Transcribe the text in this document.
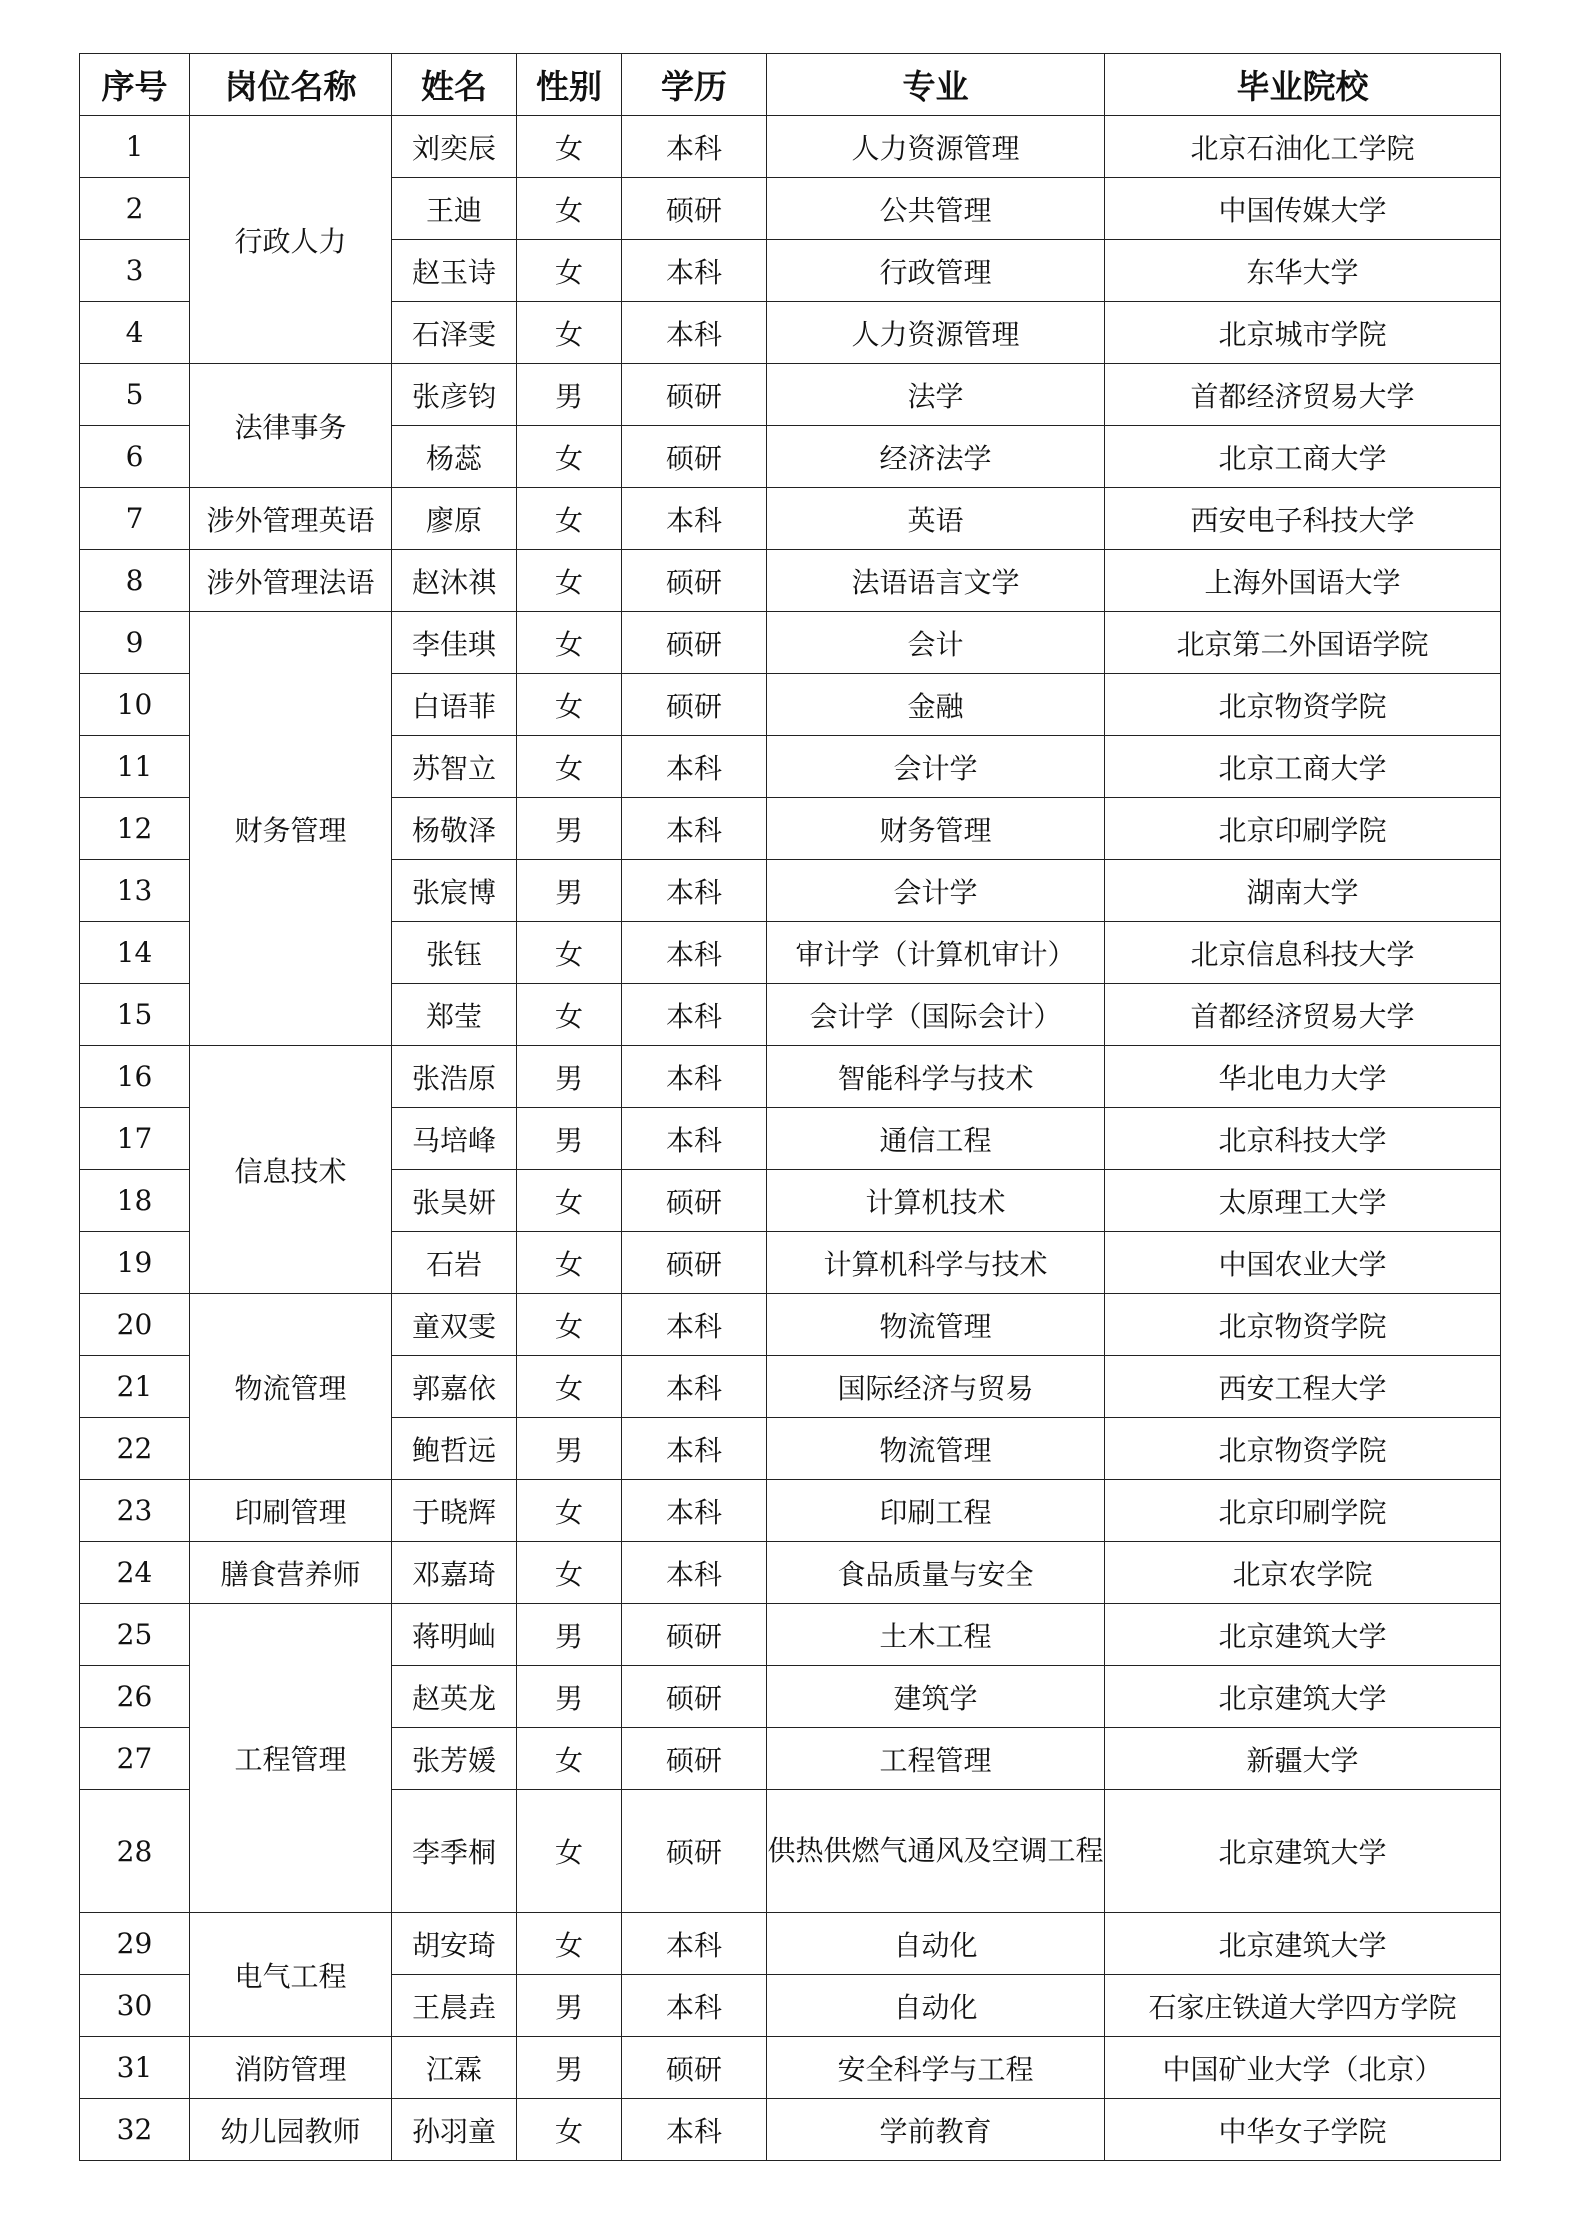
序号	岗位名称	姓名	性别	学历	专业	毕业院校
1	行政人力	刘奕辰	女	本科	人力资源管理	北京石油化工学院
2		王迪	女	硕研	公共管理	中国传媒大学
3		赵玉诗	女	本科	行政管理	东华大学
4		石泽雯	女	本科	人力资源管理	北京城市学院
5	法律事务	张彦钧	男	硕研	法学	首都经济贸易大学
6		杨蕊	女	硕研	经济法学	北京工商大学
7	涉外管理英语	廖原	女	本科	英语	西安电子科技大学
8	涉外管理法语	赵沐祺	女	硕研	法语语言文学	上海外国语大学
9	财务管理	李佳琪	女	硕研	会计	北京第二外国语学院
10		白语菲	女	硕研	金融	北京物资学院
11		苏智立	女	本科	会计学	北京工商大学
12		杨敬泽	男	本科	财务管理	北京印刷学院
13		张宸博	男	本科	会计学	湖南大学
14		张钰	女	本科	审计学（计算机审计）	北京信息科技大学
15		郑莹	女	本科	会计学（国际会计）	首都经济贸易大学
16	信息技术	张浩原	男	本科	智能科学与技术	华北电力大学
17		马培峰	男	本科	通信工程	北京科技大学
18		张昊妍	女	硕研	计算机技术	太原理工大学
19		石岩	女	硕研	计算机科学与技术	中国农业大学
20	物流管理	童双雯	女	本科	物流管理	北京物资学院
21		郭嘉依	女	本科	国际经济与贸易	西安工程大学
22		鲍哲远	男	本科	物流管理	北京物资学院
23	印刷管理	于晓辉	女	本科	印刷工程	北京印刷学院
24	膳食营养师	邓嘉琦	女	本科	食品质量与安全	北京农学院
25	工程管理	蒋明屾	男	硕研	土木工程	北京建筑大学
26		赵英龙	男	硕研	建筑学	北京建筑大学
27		张芳媛	女	硕研	工程管理	新疆大学
28		李季桐	女	硕研	供热供燃气通风及空调工程	北京建筑大学
29	电气工程	胡安琦	女	本科	自动化	北京建筑大学
30		王晨垚	男	本科	自动化	石家庄铁道大学四方学院
31	消防管理	江霖	男	硕研	安全科学与工程	中国矿业大学（北京）
32	幼儿园教师	孙羽童	女	本科	学前教育	中华女子学院
